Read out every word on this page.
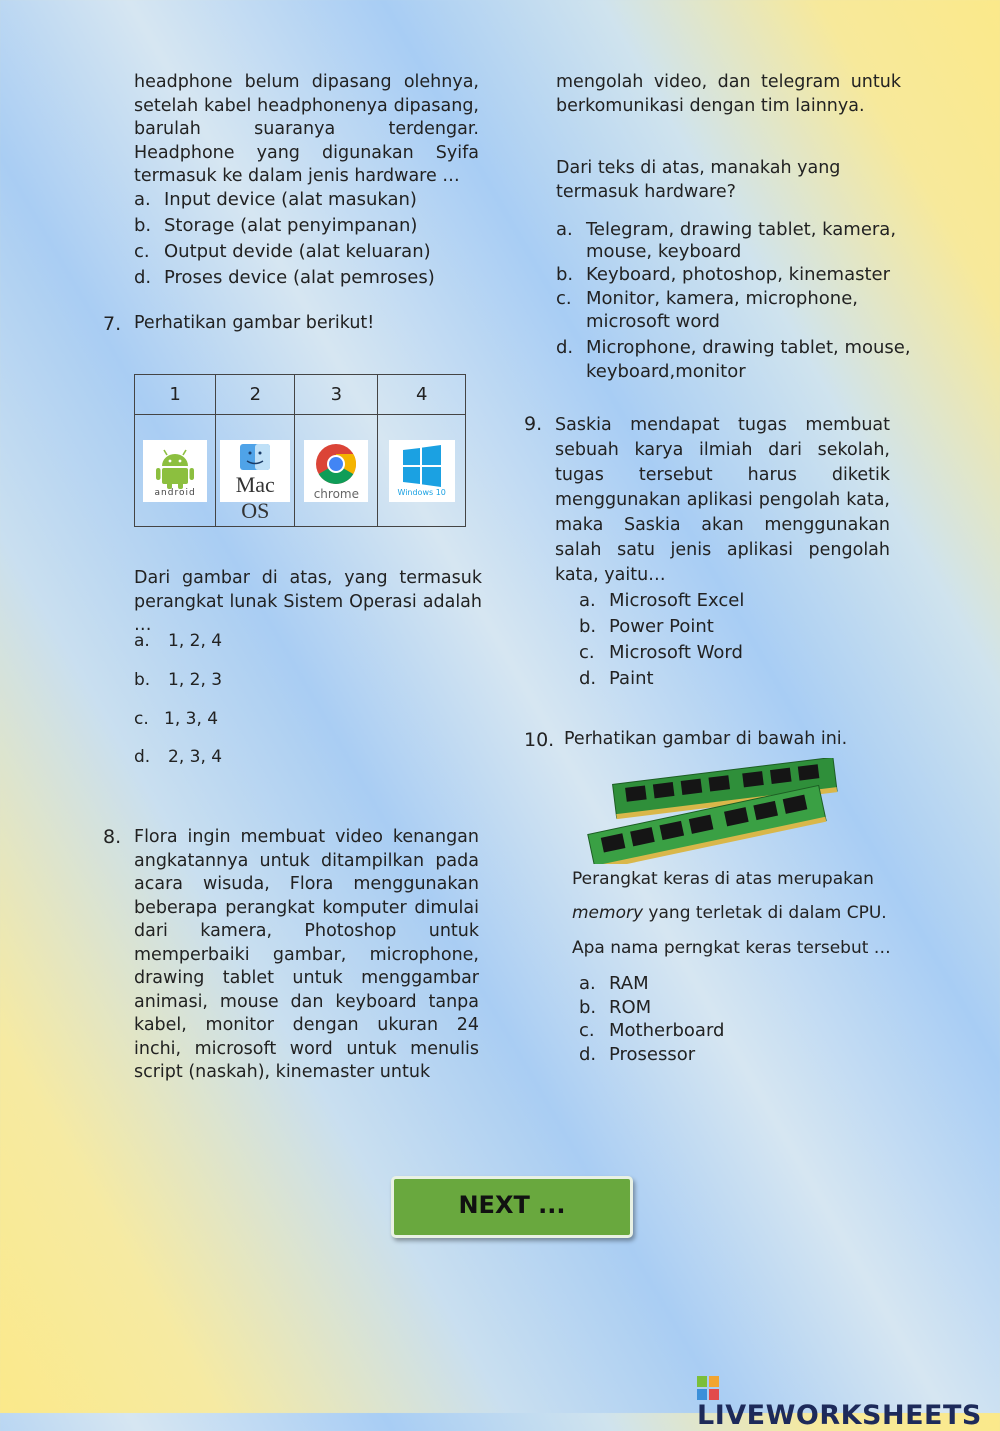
headphone belum dipasang olehnya, setelah kabel headphonenya dipasang, barulah suaranya terdengar. Headphone yang digunakan Syifa termasuk ke dalam jenis hardware …
a. Input device (alat masukan)
b. Storage (alat penyimpanan)
c. Output devide (alat keluaran)
d. Proses device (alat pemroses)
7. Perhatikan gambar berikut!
1	2	3	4

android	Mac OS	chrome	Windows 10
Dari gambar di atas, yang termasuk perangkat lunak Sistem Operasi adalah …
a. 1, 2, 4
b. 1, 2, 3
c. 1, 3, 4
d. 2, 3, 4
8. Flora ingin membuat video kenangan angkatannya untuk ditampilkan pada acara wisuda, Flora menggunakan beberapa perangkat komputer dimulai dari kamera, Photoshop untuk memperbaiki gambar, microphone, drawing tablet untuk menggambar animasi, mouse dan keyboard tanpa kabel, monitor dengan ukuran 24 inchi, microsoft word untuk menulis script (naskah), kinemaster untuk
mengolah video, dan telegram untuk berkomunikasi dengan tim lainnya.
Dari teks di atas, manakah yang termasuk hardware?
a. Telegram, drawing tablet, kamera,
mouse, keyboard
b. Keyboard, photoshop, kinemaster
c. Monitor, kamera, microphone,
microsoft word
d. Microphone, drawing tablet, mouse,
keyboard,monitor
9. Saskia mendapat tugas membuat sebuah karya ilmiah dari sekolah, tugas tersebut harus diketik menggunakan aplikasi pengolah kata, maka Saskia akan menggunakan salah satu jenis aplikasi pengolah kata, yaitu…
a. Microsoft Excel
b. Power Point
c. Microsoft Word
d. Paint
10. Perhatikan gambar di bawah ini.
Perangkat keras di atas merupakan
memory yang terletak di dalam CPU.
Apa nama perngkat keras tersebut …
a. RAM
b. ROM
c. Motherboard
d. Prosessor
NEXT ...
LIVEWORKSHEETS
